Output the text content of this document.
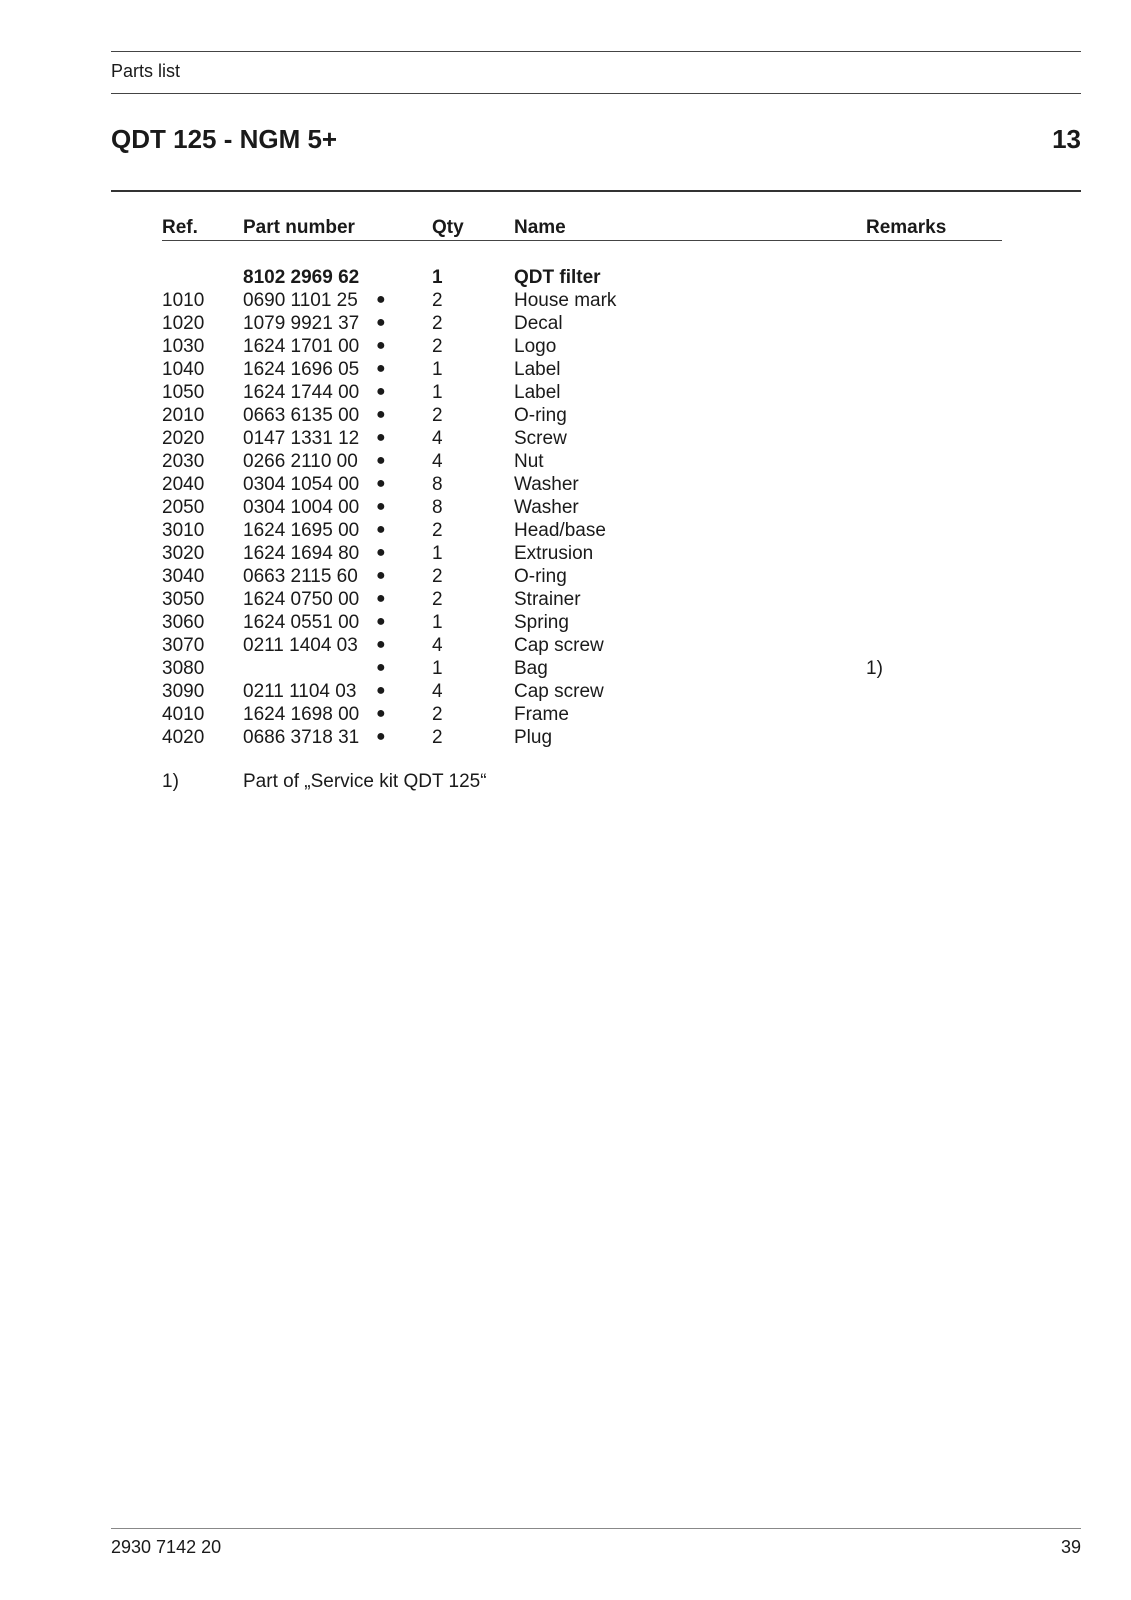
Parts list
QDT 125 - NGM 5+	13
Ref. Part number	Qty	Name	Remarks
8102 2969 62	1	QDT filter
1010 0690 1101 25 ● 2	House mark
1020 1079 9921 37 ● 2	Decal
1030 1624 1701 00 ● 2	Logo
1040 1624 1696 05 ● 1	Label
1050 1624 1744 00 ● 1	Label
2010 0663 6135 00 ● 2	O-ring
2020 0147 1331 12 ● 4	Screw
2030 0266 2110 00 ● 4	Nut
2040 0304 1054 00 ● 8	Washer
2050 0304 1004 00 ● 8	Washer
3010 1624 1695 00 ● 2	Head/base
3020 1624 1694 80 ● 1	Extrusion
3040 0663 2115 60 ● 2	O-ring
3050 1624 0750 00 ● 2	Strainer
3060 1624 0551 00 ● 1	Spring
3070 0211 1404 03 ● 4	Cap screw
3080	● 1	Bag	1)
3090 0211 1104 03 ● 4	Cap screw
4010 1624 1698 00 ● 2	Frame
4020 0686 3718 31 ● 2	Plug
1)	Part of „Service kit QDT 125“
2930 7142 20	39
